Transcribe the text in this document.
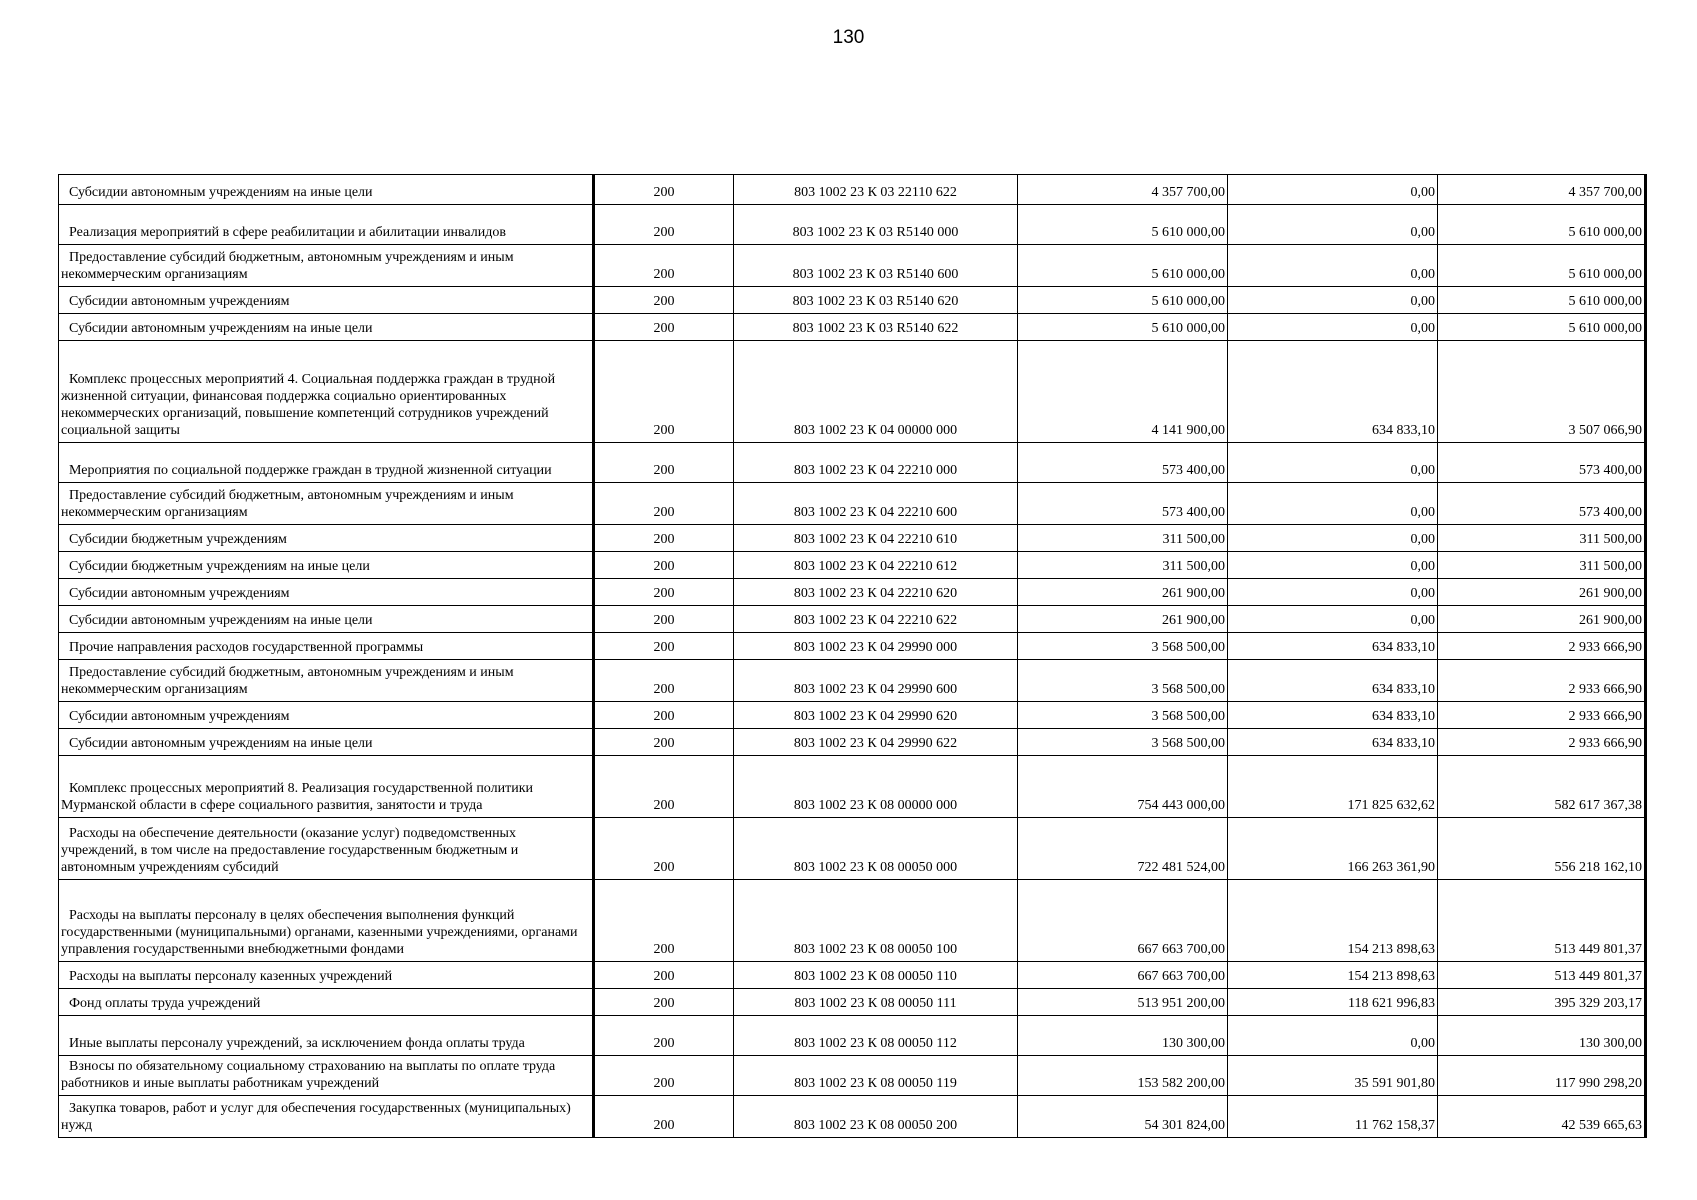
130
Субсидии автономным учреждениям на иные цели	200	803 1002 23 К 03 22110 622	4 357 700,00	0,00	4 357 700,00

Реализация мероприятий в сфере реабилитации и абилитации инвалидов	200	803 1002 23 К 03 R5140 000	5 610 000,00	0,00	5 610 000,00

Предоставление субсидий бюджетным, автономным учреждениям и иным некоммерческим организациям	200	803 1002 23 К 03 R5140 600	5 610 000,00	0,00	5 610 000,00

Субсидии автономным учреждениям	200	803 1002 23 К 03 R5140 620	5 610 000,00	0,00	5 610 000,00

Субсидии автономным учреждениям на иные цели	200	803 1002 23 К 03 R5140 622	5 610 000,00	0,00	5 610 000,00

Комплекс процессных мероприятий 4. Социальная поддержка граждан в трудной жизненной ситуации, финансовая поддержка социально ориентированных некоммерческих организаций, повышение компетенций сотрудников учреждений социальной защиты	200	803 1002 23 К 04 00000 000	4 141 900,00	634 833,10	3 507 066,90

Мероприятия по социальной поддержке граждан в трудной жизненной ситуации	200	803 1002 23 К 04 22210 000	573 400,00	0,00	573 400,00

Предоставление субсидий бюджетным, автономным учреждениям и иным некоммерческим организациям	200	803 1002 23 К 04 22210 600	573 400,00	0,00	573 400,00

Субсидии бюджетным учреждениям	200	803 1002 23 К 04 22210 610	311 500,00	0,00	311 500,00

Субсидии бюджетным учреждениям на иные цели	200	803 1002 23 К 04 22210 612	311 500,00	0,00	311 500,00

Субсидии автономным учреждениям	200	803 1002 23 К 04 22210 620	261 900,00	0,00	261 900,00

Субсидии автономным учреждениям на иные цели	200	803 1002 23 К 04 22210 622	261 900,00	0,00	261 900,00

Прочие направления расходов государственной программы	200	803 1002 23 К 04 29990 000	3 568 500,00	634 833,10	2 933 666,90

Предоставление субсидий бюджетным, автономным учреждениям и иным некоммерческим организациям	200	803 1002 23 К 04 29990 600	3 568 500,00	634 833,10	2 933 666,90

Субсидии автономным учреждениям	200	803 1002 23 К 04 29990 620	3 568 500,00	634 833,10	2 933 666,90

Субсидии автономным учреждениям на иные цели	200	803 1002 23 К 04 29990 622	3 568 500,00	634 833,10	2 933 666,90

Комплекс процессных мероприятий 8. Реализация государственной политики Мурманской области в сфере социального развития, занятости и труда	200	803 1002 23 К 08 00000 000	754 443 000,00	171 825 632,62	582 617 367,38

Расходы на обеспечение деятельности (оказание услуг) подведомственных учреждений, в том числе на предоставление государственным бюджетным и автономным учреждениям субсидий	200	803 1002 23 К 08 00050 000	722 481 524,00	166 263 361,90	556 218 162,10

Расходы на выплаты персоналу в целях обеспечения выполнения функций государственными (муниципальными) органами, казенными учреждениями, органами управления государственными внебюджетными фондами	200	803 1002 23 К 08 00050 100	667 663 700,00	154 213 898,63	513 449 801,37

Расходы на выплаты персоналу казенных учреждений	200	803 1002 23 К 08 00050 110	667 663 700,00	154 213 898,63	513 449 801,37

Фонд оплаты труда учреждений	200	803 1002 23 К 08 00050 111	513 951 200,00	118 621 996,83	395 329 203,17

Иные выплаты персоналу учреждений, за исключением фонда оплаты труда	200	803 1002 23 К 08 00050 112	130 300,00	0,00	130 300,00

Взносы по обязательному социальному страхованию на выплаты по оплате труда работников и иные выплаты работникам учреждений	200	803 1002 23 К 08 00050 119	153 582 200,00	35 591 901,80	117 990 298,20

Закупка товаров, работ и услуг для обеспечения государственных (муниципальных) нужд	200	803 1002 23 К 08 00050 200	54 301 824,00	11 762 158,37	42 539 665,63
